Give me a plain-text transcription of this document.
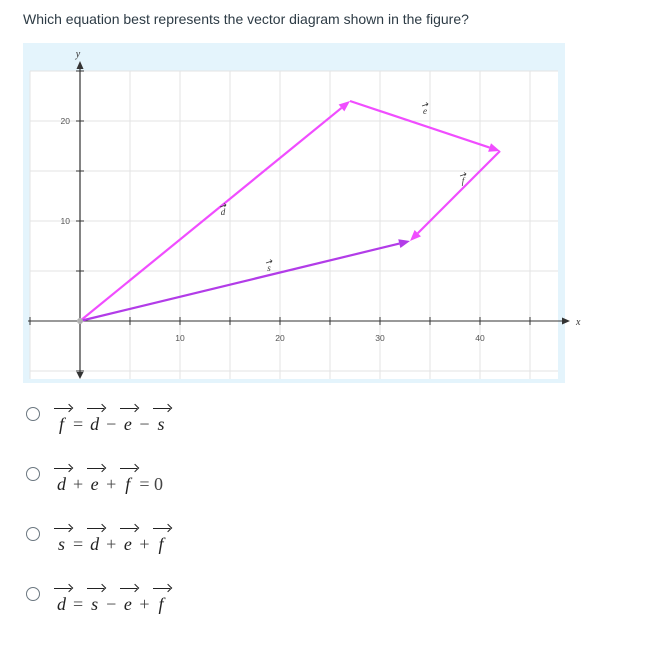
Which equation best represents the vector diagram shown in the figure?
x
y
10	20	30	40
10
20
d
e
f
s
f = d − e − s
d + e + f = 0
s = d + e + f
d = s − e + f
